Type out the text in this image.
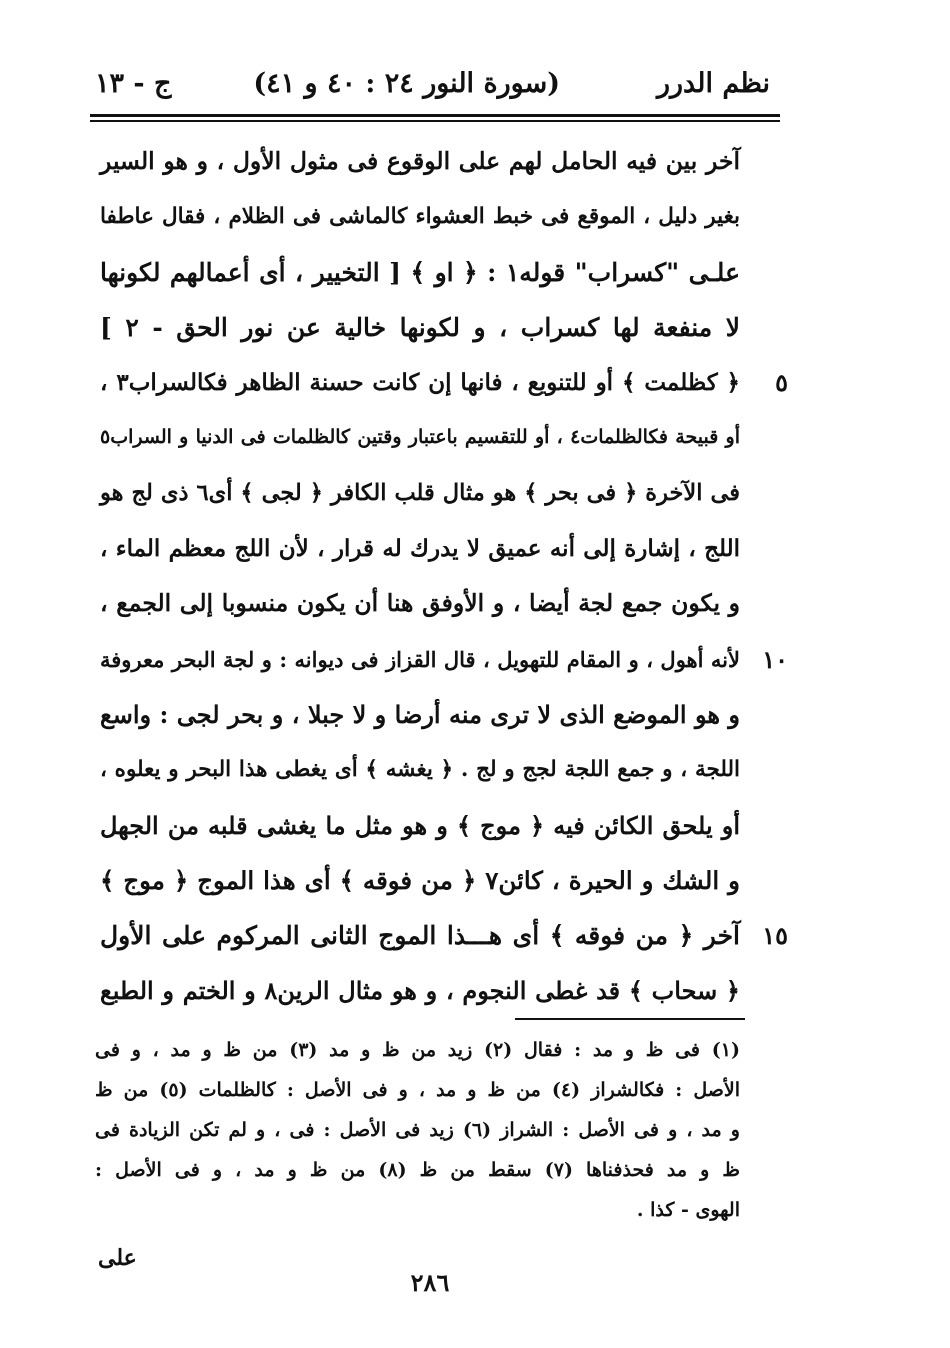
نظم الدرر
(سورة النور ٢٤ : ٤٠ و ٤١)
ج - ١٣
آخر بين فيه الحامل لهم على الوقوع فى مثول الأول ، و هو السير
بغير دليل ، الموقع فى خبط العشواء كالماشى فى الظلام ، فقال عاطفا
علـى "كسراب" قوله١ : ﴿ او ﴾ [ التخيير ، أى أعمالهم لكونها
لا منفعة لها كسراب ، و لكونها خالية عن نور الحق - ٢ ]
٥
﴿ كظلمت ﴾ أو للتنويع ، فانها إن كانت حسنة الظاهر فكالسراب٣ ،
أو قبيحة فكالظلمات٤ ، أو للتقسيم باعتبار وقتين كالظلمات فى الدنيا و السراب٥
فى الآخرة ﴿ فى بحر ﴾ هو مثال قلب الكافر ﴿ لجى ﴾ أى٦ ذى لج هو
اللج ، إشارة إلى أنه عميق لا يدرك له قرار ، لأن اللج معظم الماء ،
و يكون جمع لجة أيضا ، و الأوفق هنا أن يكون منسوبا إلى الجمع ،
١٠
لأنه أهول ، و المقام للتهويل ، قال القزاز فى ديوانه : و لجة البحر معروفة
و هو الموضع الذى لا ترى منه أرضا و لا جبلا ، و بحر لجى : واسع
اللجة ، و جمع اللجة لجج و لج . ﴿ يغشه ﴾ أى يغطى هذا البحر و يعلوه ،
أو يلحق الكائن فيه ﴿ موج ﴾ و هو مثل ما يغشى قلبه من الجهل
و الشك و الحيرة ، كائن٧ ﴿ من فوقه ﴾ أى هذا الموج ﴿ موج ﴾
١٥
آخر ﴿ من فوقه ﴾ أى هـــذا الموج الثانى المركوم على الأول
﴿ سحاب ﴾ قد غطى النجوم ، و هو مثال الرين٨ و الختم و الطبع
(١) فى ظ و مد : فقال (٢) زيد من ظ و مد (٣) من ظ و مد ، و فى
الأصل : فكالشراز (٤) من ظ و مد ، و فى الأصل : كالظلمات (٥) من ظ
و مد ، و فى الأصل : الشراز (٦) زيد فى الأصل : فى ، و لم تكن الزيادة فى
ظ و مد فحذفناها (٧) سقط من ظ (٨) من ظ و مد ، و فى الأصل :
الهوى - كذا .
على
٢٨٦
